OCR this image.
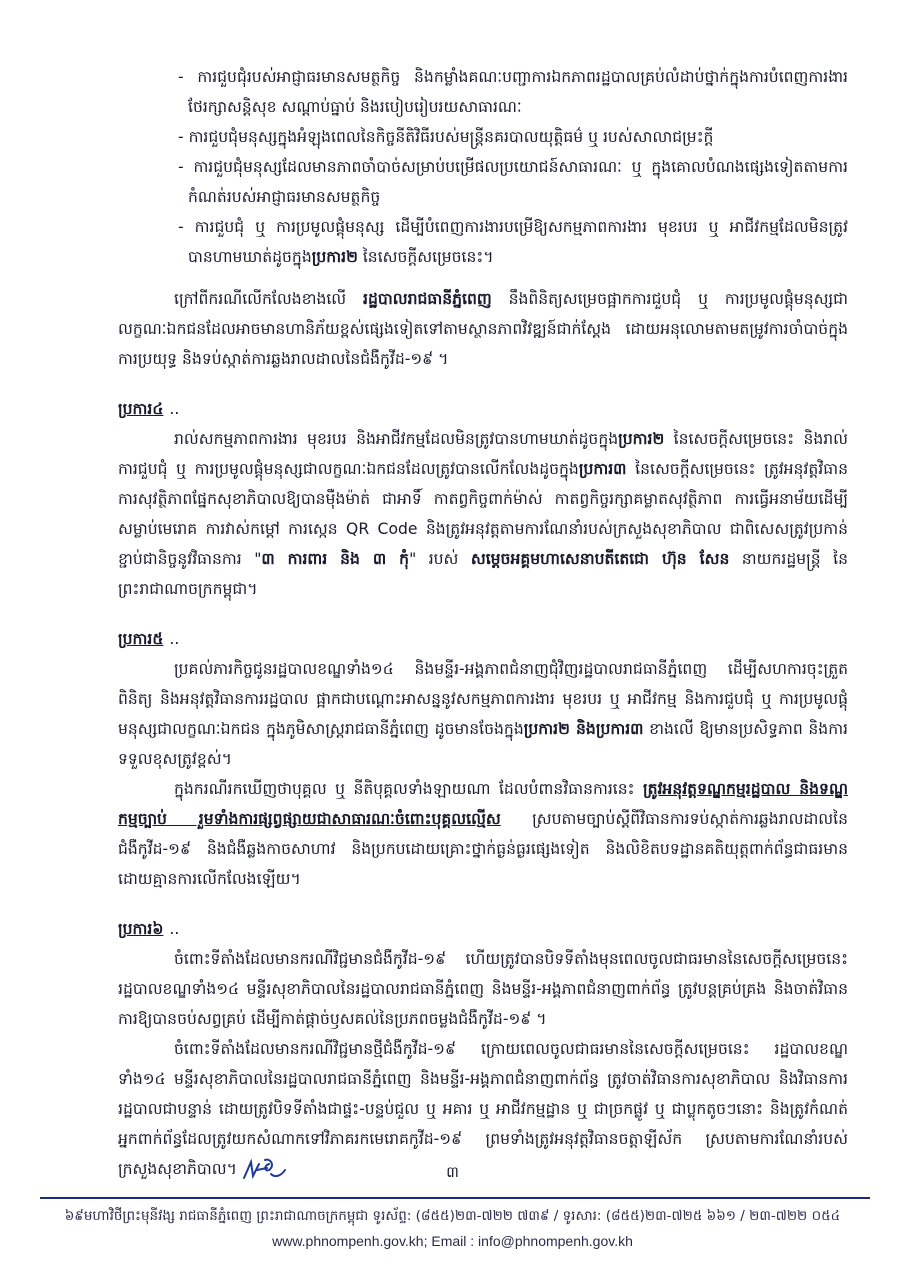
- ការជួបជុំរបស់អាជ្ញាធរមានសមត្ថកិច្ច និងកម្លាំងគណៈបញ្ជាការឯកភាពរដ្ឋបាលគ្រប់លំដាប់ថ្នាក់ក្នុងការបំពេញការងារថែរក្សាសន្តិសុខ សណ្តាប់ធ្នាប់ និងរបៀបរៀបរយសាធារណៈ

- ការជួបជុំមនុស្សក្នុងអំឡុងពេលនៃកិច្ចនីតិវិធីរបស់មន្ត្រីនគរបាលយុត្តិធម៌ ឬ របស់សាលាជម្រះក្តី

- ការជួបជុំមនុស្សដែលមានភាពចាំបាច់សម្រាប់បម្រើផលប្រយោជន៍សាធារណៈ ឬ ក្នុងគោលបំណងផ្សេងទៀតតាមការកំណត់របស់អាជ្ញាធរមានសមត្ថកិច្ច

- ការជួបជុំ ឬ ការប្រមូលផ្តុំមនុស្ស ដើម្បីបំពេញការងារបម្រើឱ្យសកម្មភាពការងារ មុខរបរ ឬ អាជីវកម្មដែលមិនត្រូវបានហាមឃាត់ដូចក្នុងប្រការ២ នៃសេចក្តីសម្រេចនេះ។

ក្រៅពីករណីលើកលែងខាងលើ រដ្ឋបាលរាជធានីភ្នំពេញ នឹងពិនិត្យសម្រេចផ្អាកការជួបជុំ ឬ ការប្រមូលផ្តុំមនុស្សជាលក្ខណៈឯកជនដែលអាចមានហានិភ័យខ្ពស់ផ្សេងទៀតទៅតាមស្ថានភាពវិវឌ្ឍន៍ជាក់ស្តែង ដោយអនុលោមតាមតម្រូវការចាំបាច់ក្នុងការប្រយុទ្ធ និងទប់ស្កាត់ការឆ្លងរាលដាលនៃជំងឺកូវីដ-១៩ ។

ប្រការ៤ ..

រាល់សកម្មភាពការងារ មុខរបរ និងអាជីវកម្មដែលមិនត្រូវបានហាមឃាត់ដូចក្នុងប្រការ២ នៃសេចក្តីសម្រេចនេះ និងរាល់ការជួបជុំ ឬ ការប្រមូលផ្តុំមនុស្សជាលក្ខណៈឯកជនដែលត្រូវបានលើកលែងដូចក្នុងប្រការ៣ នៃសេចក្តីសម្រេចនេះ ត្រូវអនុវត្តវិធានការសុវត្ថិភាពផ្នែកសុខាភិបាលឱ្យបានម៉ឺងម៉ាត់ ជាអាទិ៍ កាតព្វកិច្ចពាក់ម៉ាស់ កាតព្វកិច្ចរក្សាគម្លាតសុវត្ថិភាព ការធ្វើអនាម័យដើម្បីសម្លាប់មេរោគ ការវាស់កម្តៅ ការស្កេន QR Code និងត្រូវអនុវត្តតាមការណែនាំរបស់ក្រសួងសុខាភិបាល ជាពិសេសត្រូវប្រកាន់ខ្ជាប់ជានិច្ចនូវវិធានការ "៣ ការពារ និង ៣ កុំ" របស់ សម្តេចអគ្គមហាសេនាបតីតេជោ ហ៊ុន សែន នាយករដ្ឋមន្ត្រី នៃព្រះរាជាណាចក្រកម្ពុជា។

ប្រការ៥ ..

ប្រគល់ភារកិច្ចជូនរដ្ឋបាលខណ្ឌទាំង១៤ និងមន្ទីរ-អង្គភាពជំនាញជុំវិញរដ្ឋបាលរាជធានីភ្នំពេញ ដើម្បីសហការចុះត្រួតពិនិត្យ និងអនុវត្តវិធានការរដ្ឋបាល ផ្អាកជាបណ្តោះអាសន្ននូវសកម្មភាពការងារ មុខរបរ ឬ អាជីវកម្ម និងការជួបជុំ ឬ ការប្រមូលផ្តុំមនុស្សជាលក្ខណៈឯកជន ក្នុងភូមិសាស្ត្ររាជធានីភ្នំពេញ ដូចមានចែងក្នុងប្រការ២ និងប្រការ៣ ខាងលើ ឱ្យមានប្រសិទ្ធភាព និងការទទួលខុសត្រូវខ្ពស់។

ក្នុងករណីរកឃើញថាបុគ្គល ឬ នីតិបុគ្គលទាំងឡាយណា ដែលបំពានវិធានការនេះ ត្រូវអនុវត្តទណ្ឌកម្មរដ្ឋបាល និងទណ្ឌកម្មច្បាប់ រួមទាំងការផ្សព្វផ្សាយជាសាធារណៈចំពោះបុគ្គលល្មើស ស្របតាមច្បាប់ស្តីពីវិធានការទប់ស្កាត់ការឆ្លងរាលដាលនៃជំងឺកូវីដ-១៩ និងជំងឺឆ្លងកាចសាហាវ និងប្រកបដោយគ្រោះថ្នាក់ធ្ងន់ធ្ងរផ្សេងទៀត និងលិខិតបទដ្ឋានគតិយុត្តពាក់ព័ន្ធជាធរមាន ដោយគ្មានការលើកលែងឡើយ។

ប្រការ៦ ..

ចំពោះទីតាំងដែលមានករណីវិជ្ជមានជំងឺកូវីដ-១៩ ហើយត្រូវបានបិទទីតាំងមុនពេលចូលជាធរមាននៃសេចក្តីសម្រេចនេះ រដ្ឋបាលខណ្ឌទាំង១៤ មន្ទីរសុខាភិបាលនៃរដ្ឋបាលរាជធានីភ្នំពេញ និងមន្ទីរ-អង្គភាពជំនាញពាក់ព័ន្ធ ត្រូវបន្តគ្រប់គ្រង និងចាត់វិធានការឱ្យបានចប់សព្វគ្រប់ ដើម្បីកាត់ផ្តាច់ឫសគល់នៃប្រភពចម្លងជំងឺកូវីដ-១៩ ។

ចំពោះទីតាំងដែលមានករណីវិជ្ជមានថ្មីជំងឺកូវីដ-១៩ ក្រោយពេលចូលជាធរមាននៃសេចក្តីសម្រេចនេះ រដ្ឋបាលខណ្ឌទាំង១៤ មន្ទីរសុខាភិបាលនៃរដ្ឋបាលរាជធានីភ្នំពេញ និងមន្ទីរ-អង្គភាពជំនាញពាក់ព័ន្ធ ត្រូវចាត់វិធានការសុខាភិបាល និងវិធានការរដ្ឋបាលជាបន្ទាន់ ដោយត្រូវបិទទីតាំងជាផ្ទះ-បន្ទប់ជួល ឬ អគារ ឬ អាជីវកម្មដ្ឋាន ឬ ជាច្រកផ្លូវ ឬ ជាប្លុកតូចៗនោះ និងត្រូវកំណត់អ្នកពាក់ព័ន្ធដែលត្រូវយកសំណាកទៅវិភាគរកមេរោគកូវីដ-១៩ ព្រមទាំងត្រូវអនុវត្តវិធានចត្តាឡីស័ក ស្របតាមការណែនាំរបស់ក្រសួងសុខាភិបាល។	៣
៦៩មហាវិថីព្រះមុនីវង្ស រាជធានីភ្នំពេញ ព្រះរាជាណាចក្រកម្ពុជា ទូរស័ព្ទ: (៨៥៥)២៣-៧២២ ៧៣៩ / ទូរសារ: (៨៥៥)២៣-៧២៥ ៦៦១ / ២៣-៧២២ ០៥៤
www.phnompenh.gov.kh; Email : info@phnompenh.gov.kh
